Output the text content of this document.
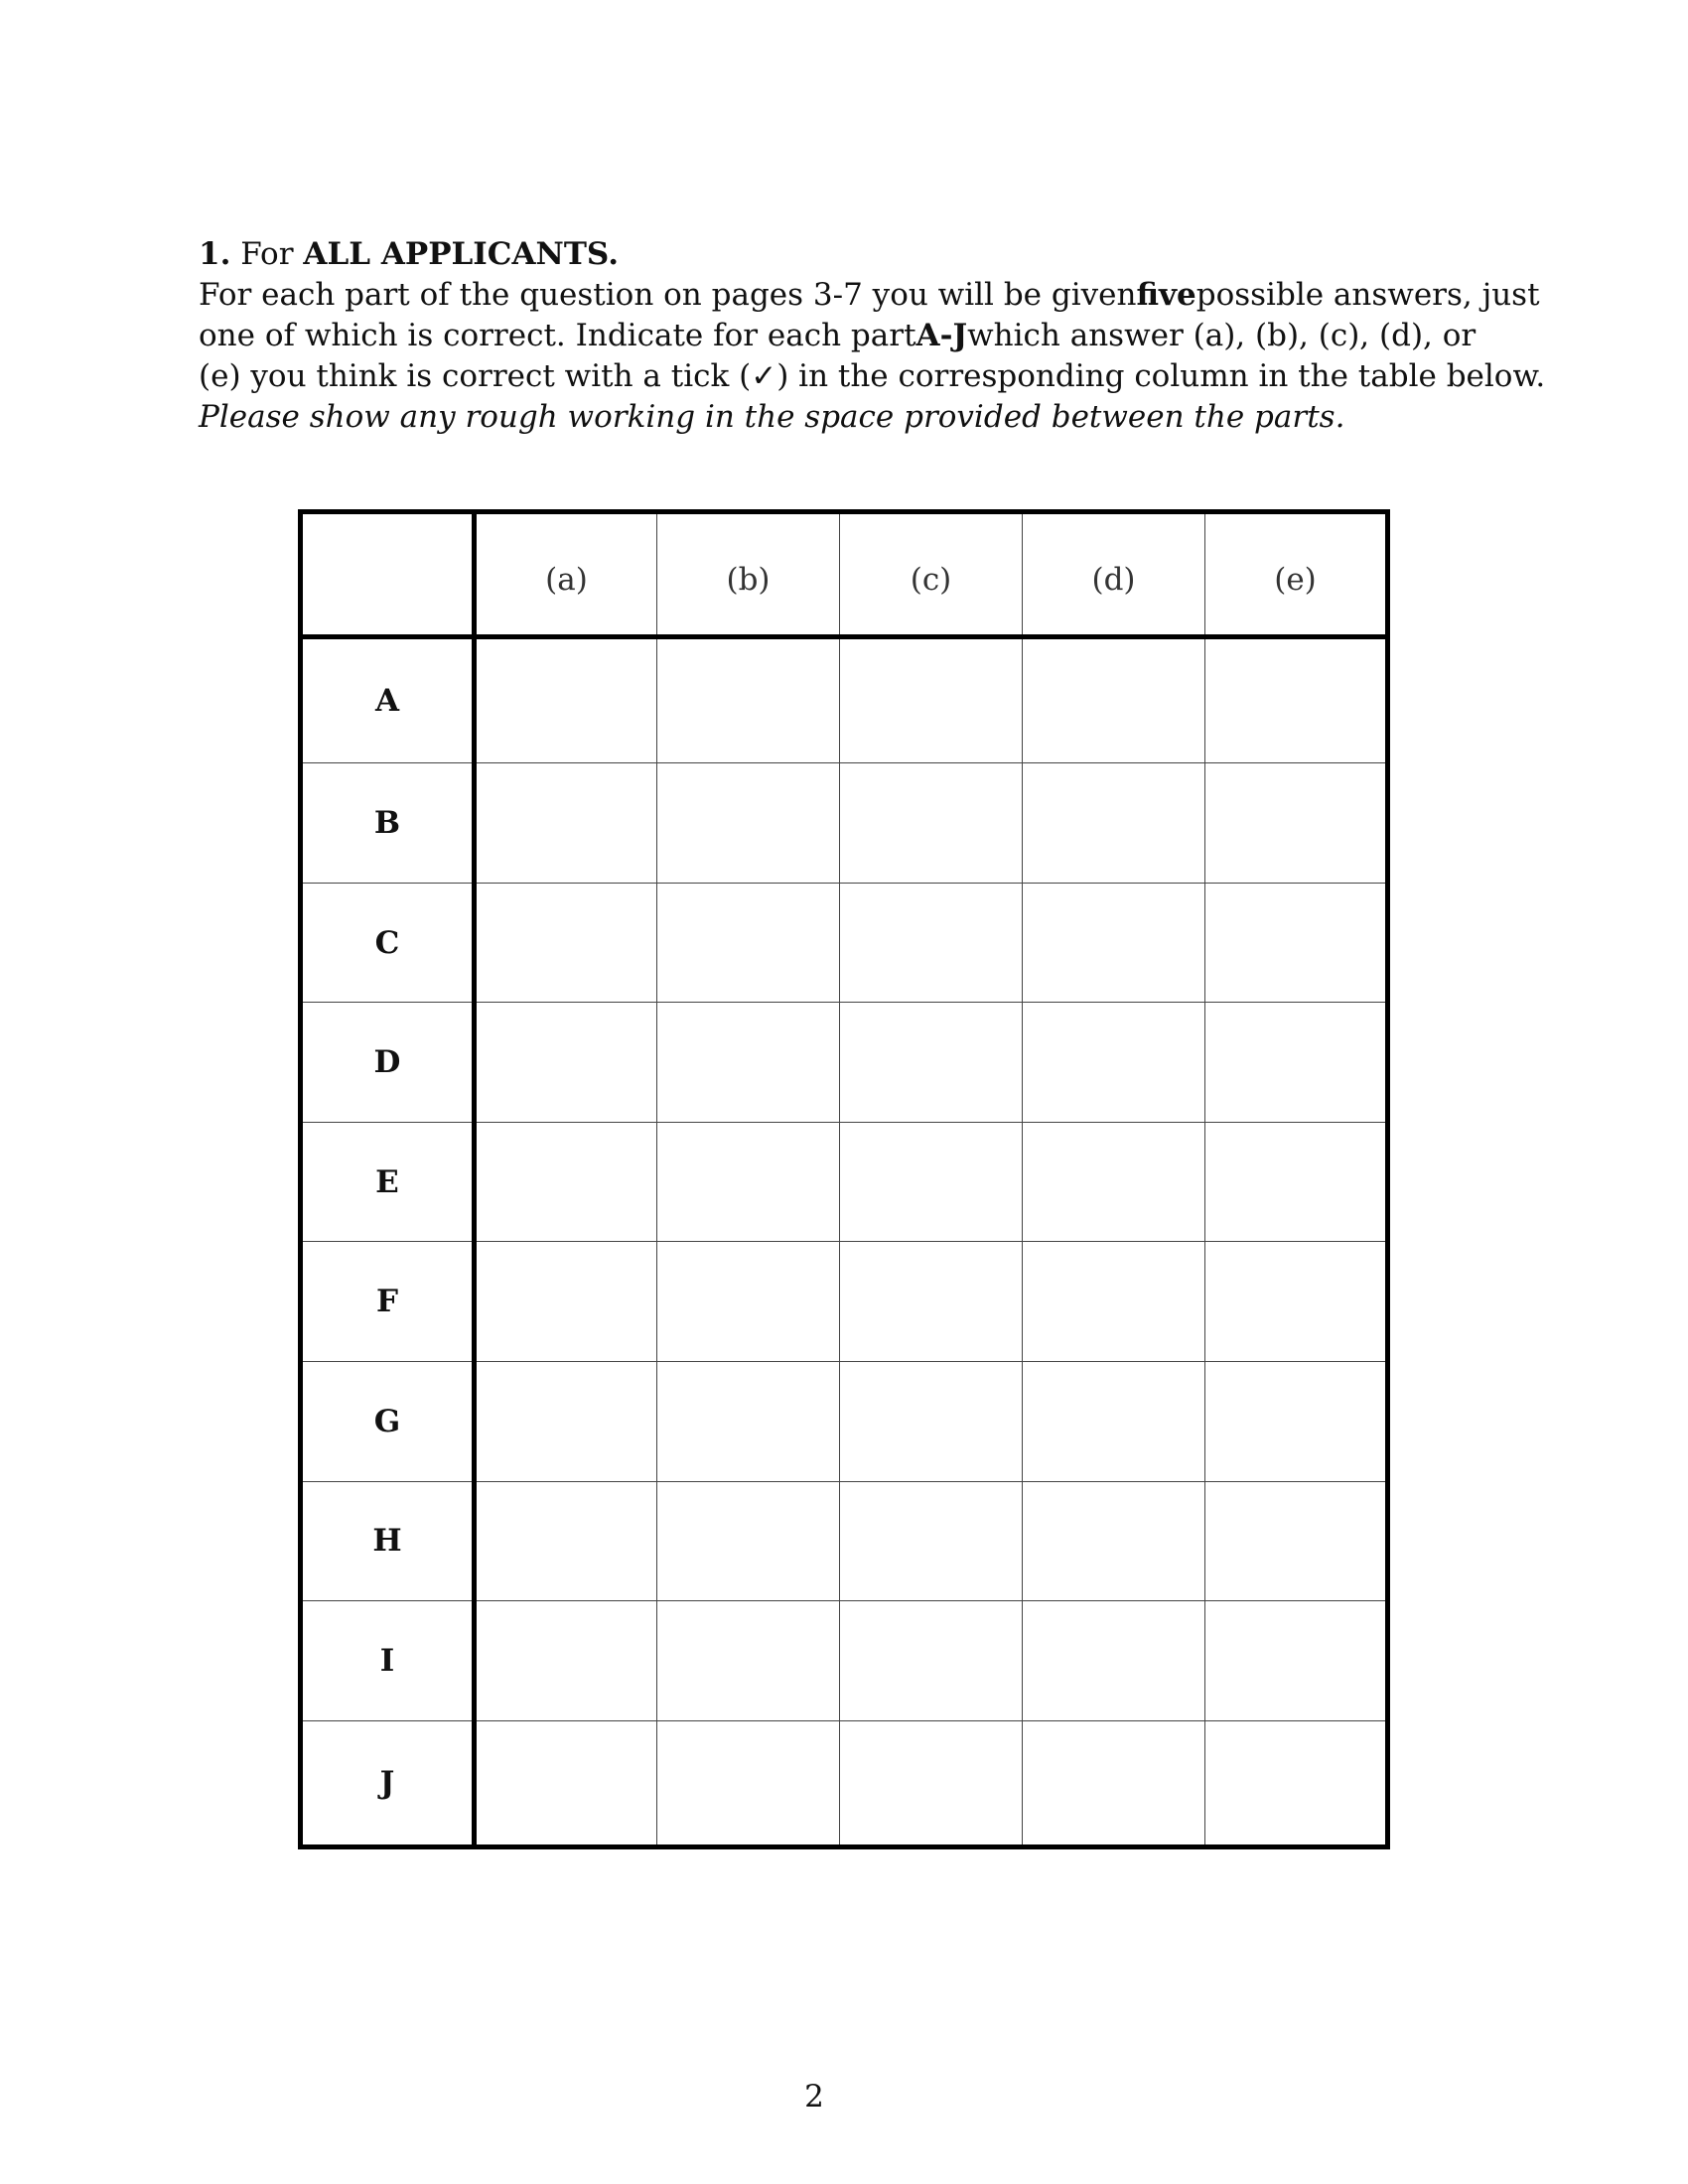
1. For ALL APPLICANTS.
For each part of the question on pages 3-7 you will be given five possible answers, just
one of which is correct. Indicate for each part A-J which answer (a), (b), (c), (d), or
(e) you think is correct with a tick (✓) in the corresponding column in the table below.
Please show any rough working in the space provided between the parts.
	(a)	(b)	(c)	(d)	(e)
A					
B					
C					
D					
E					
F					
G					
H					
I					
J					
2
